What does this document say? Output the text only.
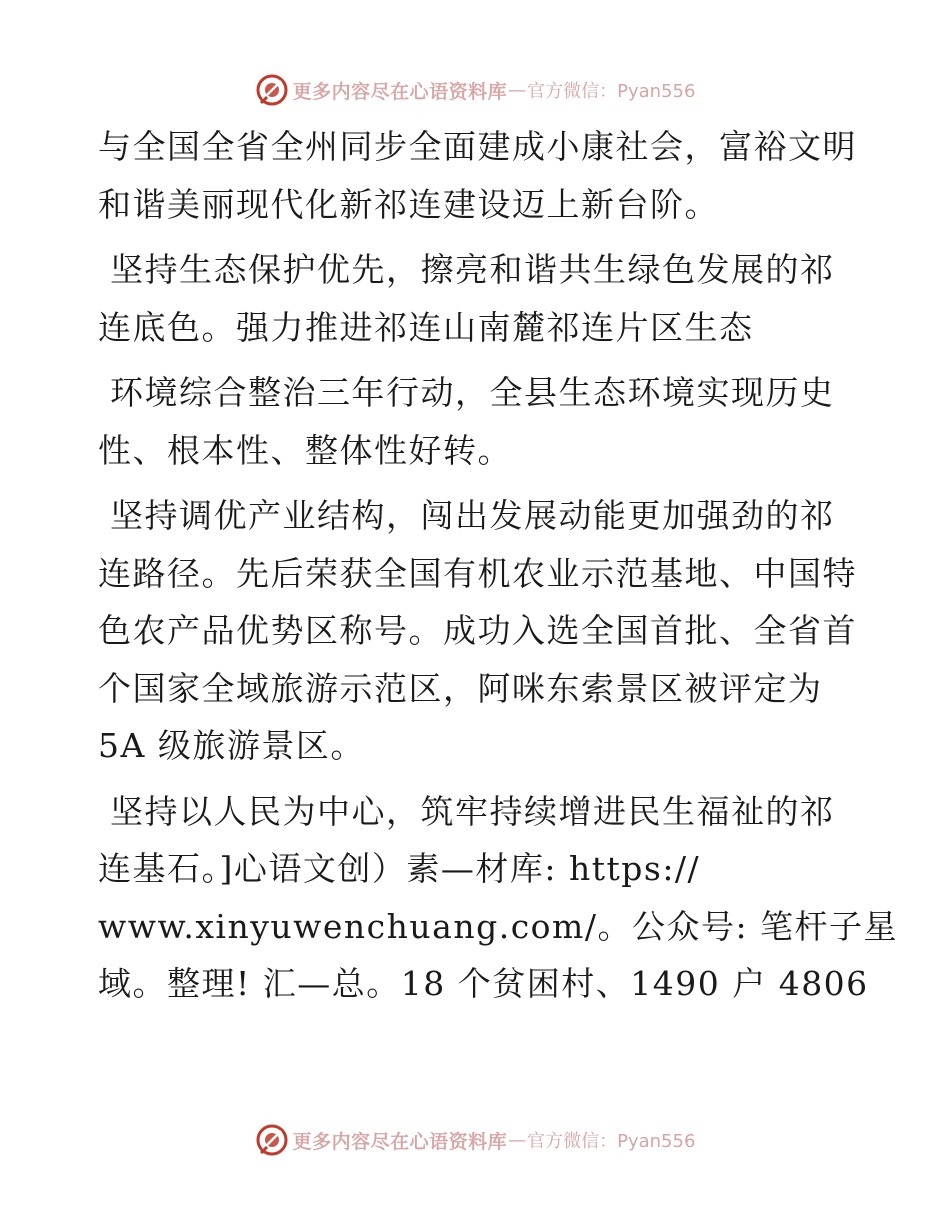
更多内容尽在心语资料库 — 官方微信：Pyan556
与全国全省全州同步全面建成小康社会，富裕文明
和谐美丽现代化新祁连建设迈上新台阶。
坚持生态保护优先，擦亮和谐共生绿色发展的祁
连底色。强力推进祁连山南麓祁连片区生态
环境综合整治三年行动，全县生态环境实现历史
性、根本性、整体性好转。
坚持调优产业结构，闯出发展动能更加强劲的祁
连路径。先后荣获全国有机农业示范基地、中国特
色农产品优势区称号。成功入选全国首批、全省首
个国家全域旅游示范区，阿咪东索景区被评定为
5A 级旅游景区。
坚持以人民为中心，筑牢持续增进民生福祉的祁
连基石。]心语文创）素—材库: https://
www.xinyuwenchuang.com/。公众号: 笔杆子星
域。整理! 汇—总。18 个贫困村、1490 户 4806
更多内容尽在心语资料库 — 官方微信：Pyan556
